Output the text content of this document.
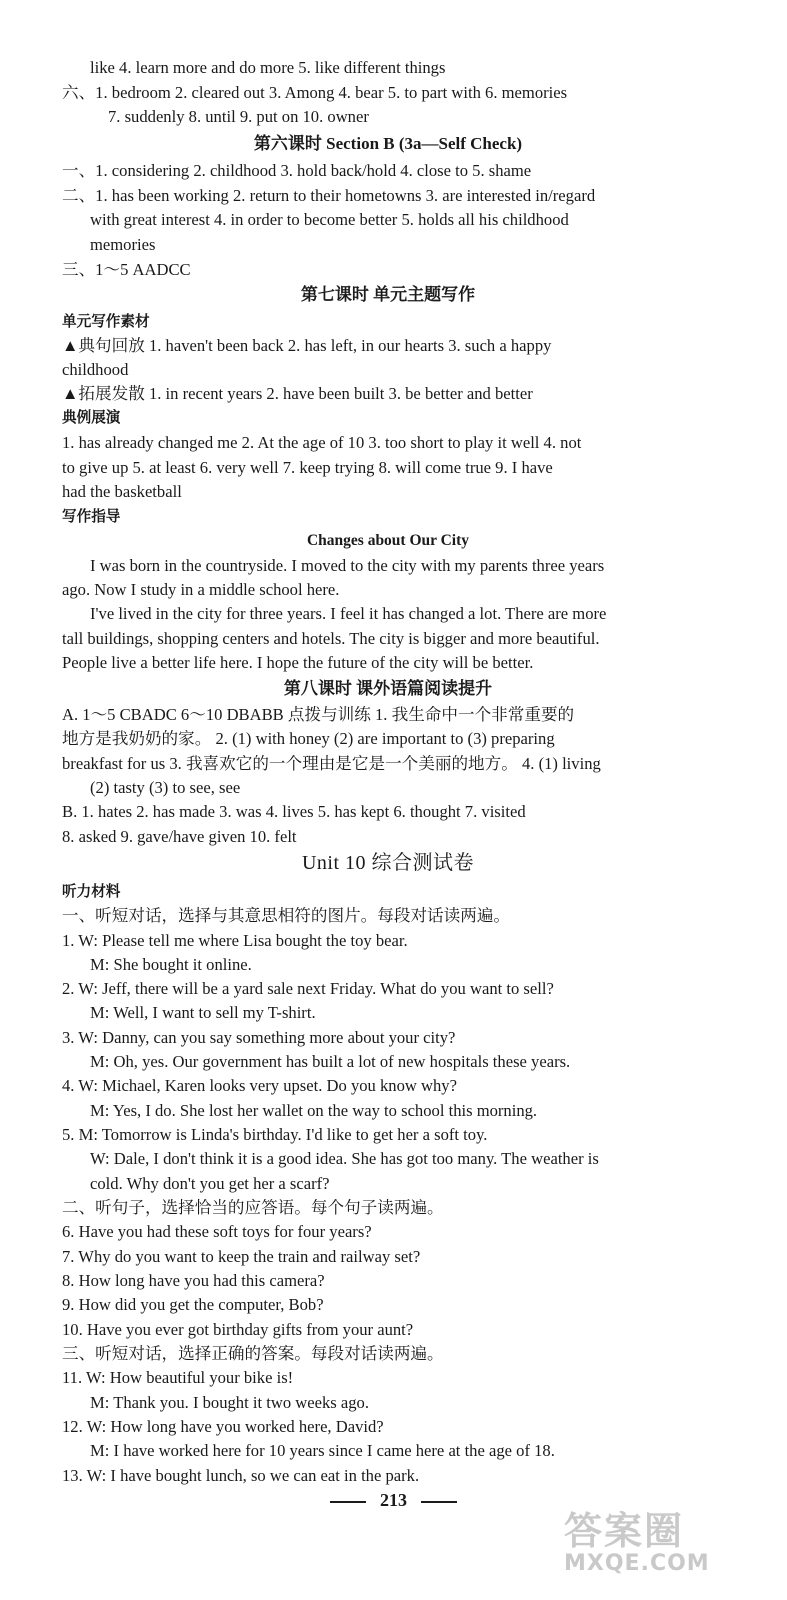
like 4. learn more and do more 5. like different things
六、1. bedroom 2. cleared out 3. Among 4. bear 5. to part with 6. memories
7. suddenly 8. until 9. put on 10. owner
第六课时 Section B (3a—Self Check)
一、1. considering 2. childhood 3. hold back/hold 4. close to 5. shame
二、1. has been working 2. return to their hometowns 3. are interested in/regard
with great interest 4. in order to become better 5. holds all his childhood
memories
三、1～5 AADCC
第七课时 单元主题写作
单元写作素材
▲典句回放 1. haven't been back 2. has left, in our hearts 3. such a happy
childhood
▲拓展发散 1. in recent years 2. have been built 3. be better and better
典例展演
1. has already changed me 2. At the age of 10 3. too short to play it well 4. not
to give up 5. at least 6. very well 7. keep trying 8. will come true 9. I have
had the basketball
写作指导
Changes about Our City
I was born in the countryside. I moved to the city with my parents three years
ago. Now I study in a middle school here.
I've lived in the city for three years. I feel it has changed a lot. There are more
tall buildings, shopping centers and hotels. The city is bigger and more beautiful.
People live a better life here. I hope the future of the city will be better.
第八课时 课外语篇阅读提升
A. 1～5 CBADC 6～10 DBABB 点拨与训练 1. 我生命中一个非常重要的
地方是我奶奶的家。 2. (1) with honey (2) are important to (3) preparing
breakfast for us 3. 我喜欢它的一个理由是它是一个美丽的地方。 4. (1) living
(2) tasty (3) to see, see
B. 1. hates 2. has made 3. was 4. lives 5. has kept 6. thought 7. visited
8. asked 9. gave/have given 10. felt
Unit 10 综合测试卷
听力材料
一、听短对话，选择与其意思相符的图片。每段对话读两遍。
1. W: Please tell me where Lisa bought the toy bear.
M: She bought it online.
2. W: Jeff, there will be a yard sale next Friday. What do you want to sell?
M: Well, I want to sell my T-shirt.
3. W: Danny, can you say something more about your city?
M: Oh, yes. Our government has built a lot of new hospitals these years.
4. W: Michael, Karen looks very upset. Do you know why?
M: Yes, I do. She lost her wallet on the way to school this morning.
5. M: Tomorrow is Linda's birthday. I'd like to get her a soft toy.
W: Dale, I don't think it is a good idea. She has got too many. The weather is
cold. Why don't you get her a scarf?
二、听句子，选择恰当的应答语。每个句子读两遍。
6. Have you had these soft toys for four years?
7. Why do you want to keep the train and railway set?
8. How long have you had this camera?
9. How did you get the computer, Bob?
10. Have you ever got birthday gifts from your aunt?
三、听短对话，选择正确的答案。每段对话读两遍。
11. W: How beautiful your bike is!
M: Thank you. I bought it two weeks ago.
12. W: How long have you worked here, David?
M: I have worked here for 10 years since I came here at the age of 18.
13. W: I have bought lunch, so we can eat in the park.
213
答案圈
MXQE.COM
